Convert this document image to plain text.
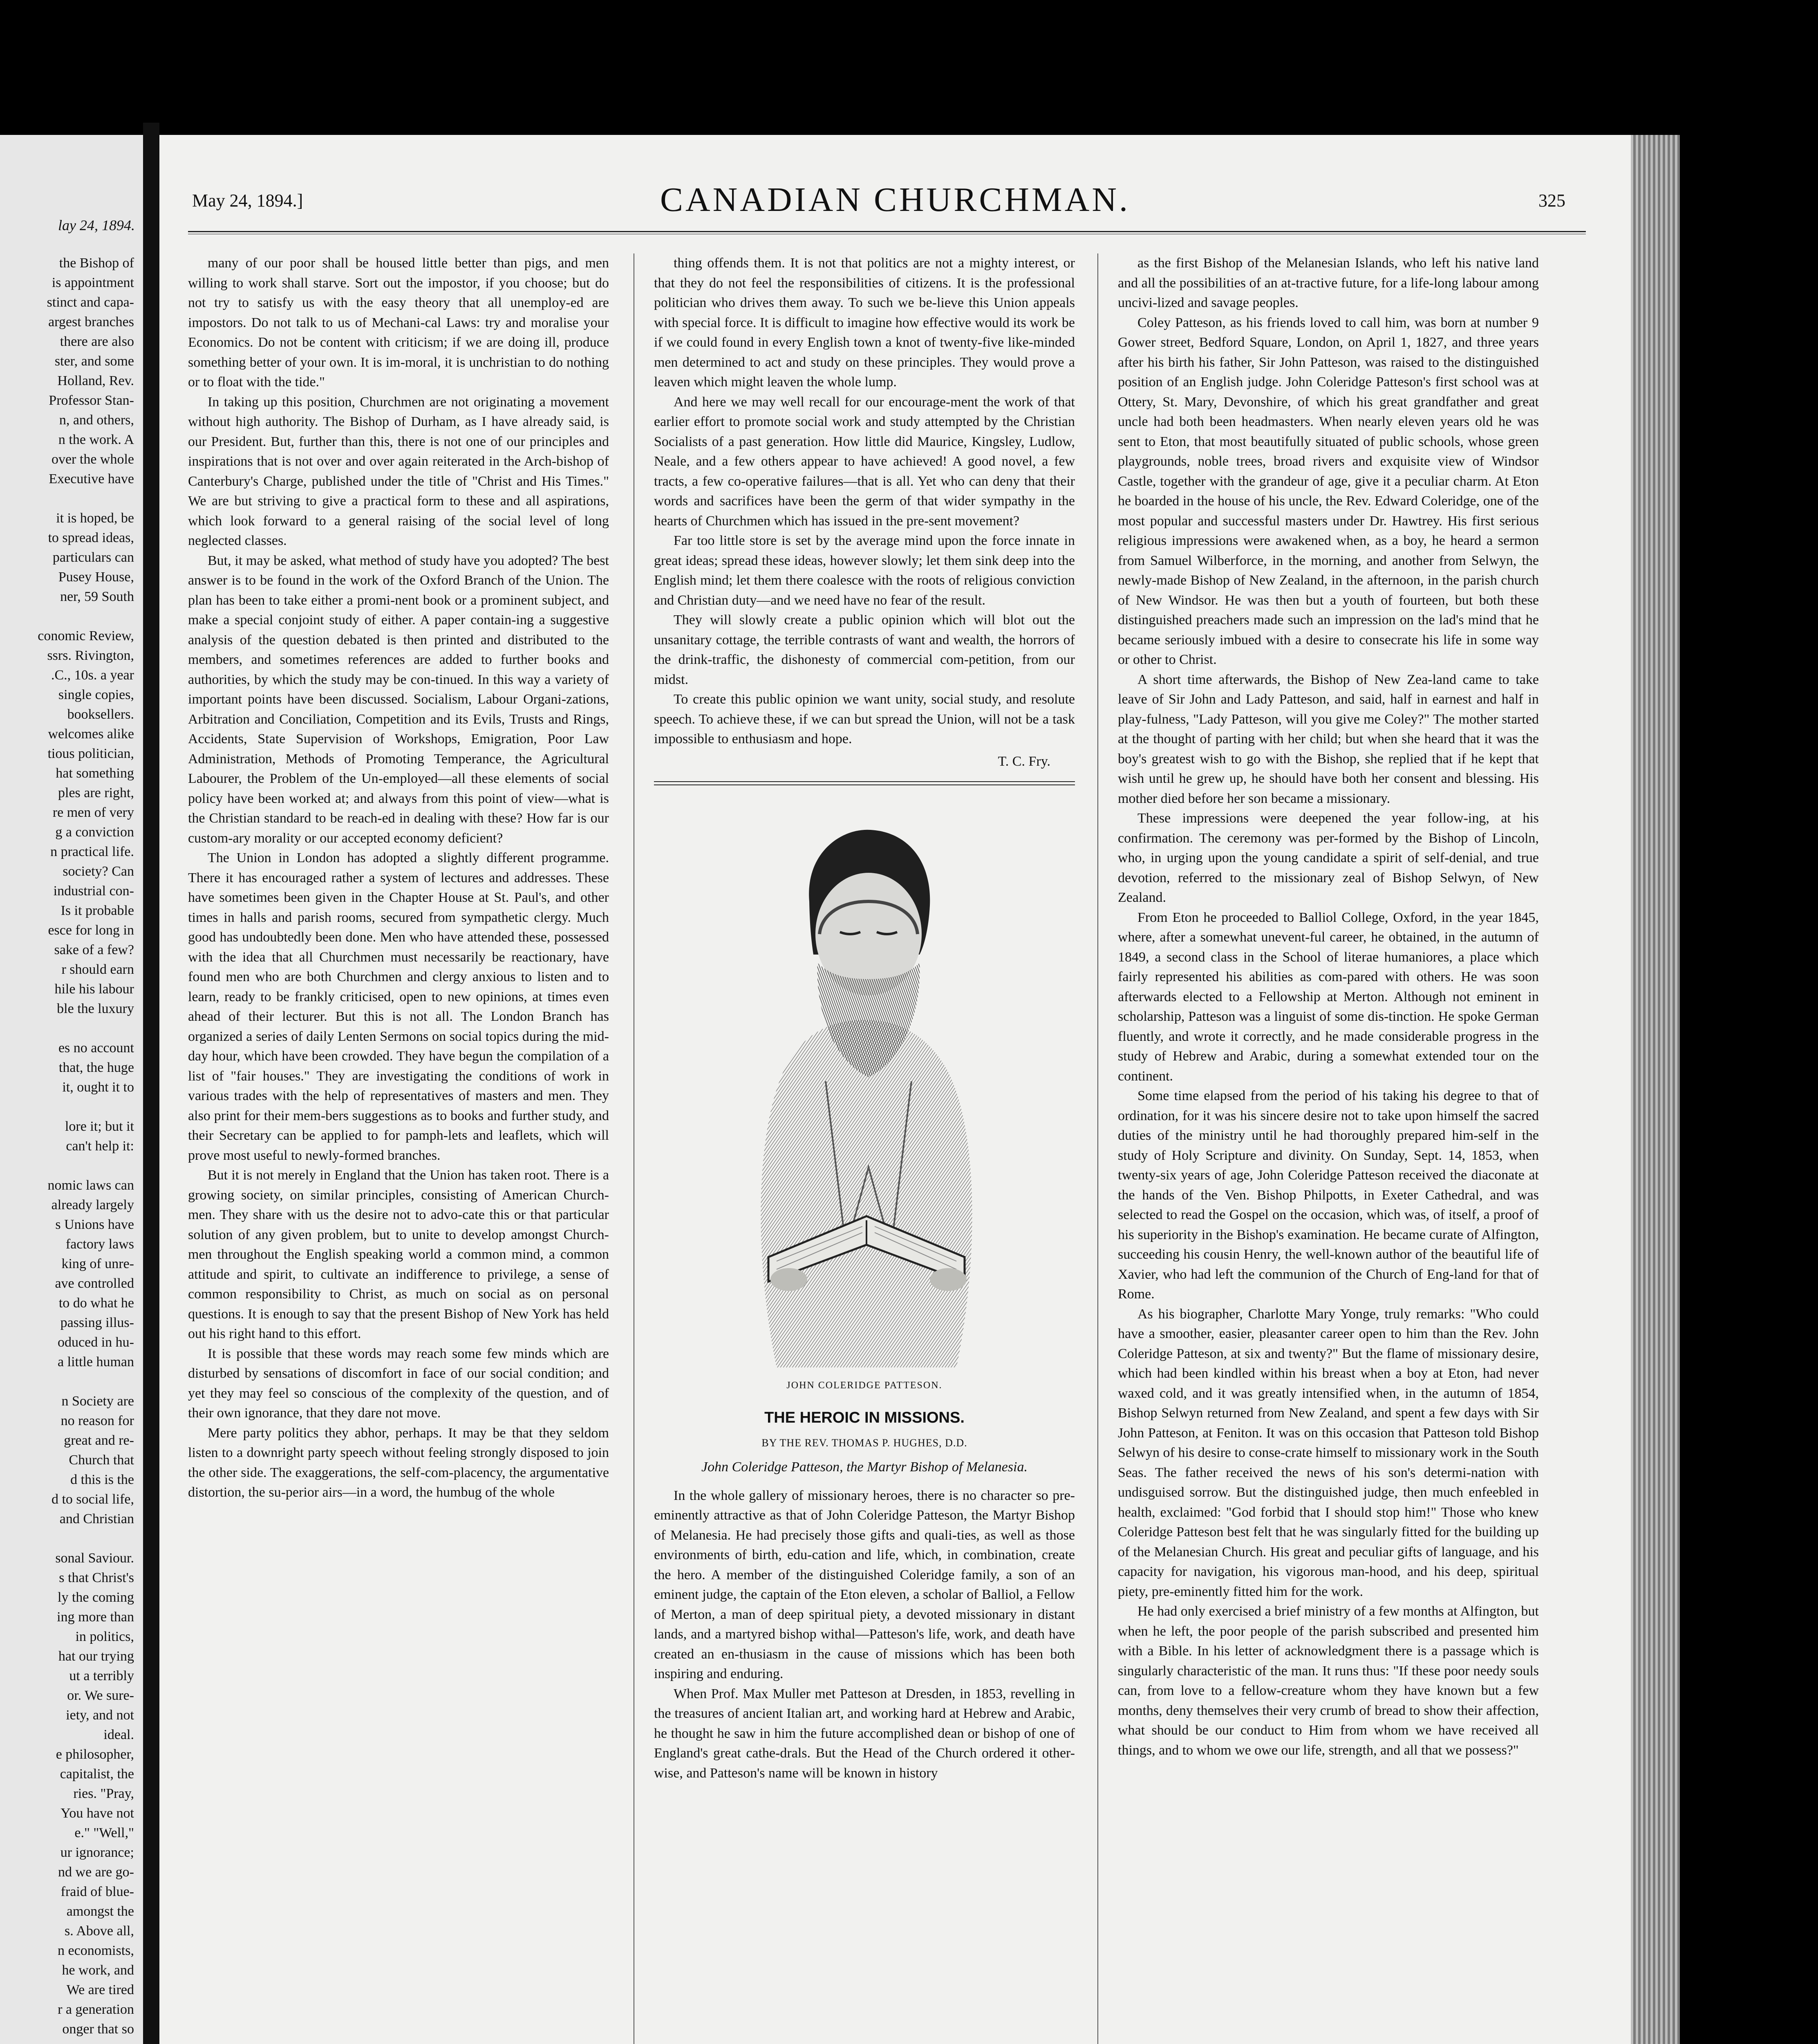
lay 24, 1894.
the Bishop of
is appointment
stinct and capa-
argest branches
there are also
ster, and some
Holland, Rev.
Professor Stan-
n, and others,
n the work. A
over the whole
Executive have

it is hoped, be
to spread ideas,
particulars can
Pusey House,
ner, 59 South

conomic Review,
ssrs. Rivington,
.C., 10s. a year
single copies,
booksellers.
welcomes alike
tious politician,
hat something
ples are right,
re men of very
g a conviction
n practical life.
society? Can
industrial con-
Is it probable
esce for long in
sake of a few?
r should earn
hile his labour
ble the luxury

es no account
that, the huge
it, ought it to

lore it; but it
can't help it:

nomic laws can
already largely
s Unions have
factory laws
king of unre-
ave controlled
to do what he
passing illus-
oduced in hu-
a little human

n Society are
no reason for
great and re-
Church that
d this is the
d to social life,
and Christian

sonal Saviour.
s that Christ's
ly the coming
ing more than
in politics,
hat our trying
ut a terribly
or. We sure-
iety, and not
ideal.
e philosopher,
capitalist, the
ries. "Pray,
You have not
e." "Well,"
ur ignorance;
nd we are go-
fraid of blue-
amongst the
s. Above all,
n economists,
he work, and
We are tired
r a generation
onger that so
May 24, 1894.]	CANADIAN CHURCHMAN.	325

many of our poor shall be housed little better than pigs, and men willing to work shall starve. Sort out the impostor, if you choose; but do not try to satisfy us with the easy theory that all unemploy-ed are impostors. Do not talk to us of Mechani-cal Laws: try and moralise your Economics. Do not be content with criticism; if we are doing ill, produce something better of your own. It is im-moral, it is unchristian to do nothing or to float with the tide."

In taking up this position, Churchmen are not originating a movement without high authority. The Bishop of Durham, as I have already said, is our President. But, further than this, there is not one of our principles and inspirations that is not over and over again reiterated in the Arch-bishop of Canterbury's Charge, published under the title of "Christ and His Times." We are but striving to give a practical form to these and all aspirations, which look forward to a general raising of the social level of long neglected classes.

But, it may be asked, what method of study have you adopted? The best answer is to be found in the work of the Oxford Branch of the Union. The plan has been to take either a promi-nent book or a prominent subject, and make a special conjoint study of either. A paper contain-ing a suggestive analysis of the question debated is then printed and distributed to the members, and sometimes references are added to further books and authorities, by which the study may be con-tinued. In this way a variety of important points have been discussed. Socialism, Labour Organi-zations, Arbitration and Conciliation, Competition and its Evils, Trusts and Rings, Accidents, State Supervision of Workshops, Emigration, Poor Law Administration, Methods of Promoting Temperance, the Agricultural Labourer, the Problem of the Un-employed—all these elements of social policy have been worked at; and always from this point of view—what is the Christian standard to be reach-ed in dealing with these? How far is our custom-ary morality or our accepted economy deficient?

The Union in London has adopted a slightly different programme. There it has encouraged rather a system of lectures and addresses. These have sometimes been given in the Chapter House at St. Paul's, and other times in halls and parish rooms, secured from sympathetic clergy. Much good has undoubtedly been done. Men who have attended these, possessed with the idea that all Churchmen must necessarily be reactionary, have found men who are both Churchmen and clergy anxious to listen and to learn, ready to be frankly criticised, open to new opinions, at times even ahead of their lecturer. But this is not all. The London Branch has organized a series of daily Lenten Sermons on social topics during the mid-day hour, which have been crowded. They have begun the compilation of a list of "fair houses." They are investigating the conditions of work in various trades with the help of representatives of masters and men. They also print for their mem-bers suggestions as to books and further study, and their Secretary can be applied to for pamph-lets and leaflets, which will prove most useful to newly-formed branches.

But it is not merely in England that the Union has taken root. There is a growing society, on similar principles, consisting of American Church-men. They share with us the desire not to advo-cate this or that particular solution of any given problem, but to unite to develop amongst Church-men throughout the English speaking world a common mind, a common attitude and spirit, to cultivate an indifference to privilege, a sense of common responsibility to Christ, as much on social as on personal questions. It is enough to say that the present Bishop of New York has held out his right hand to this effort.

It is possible that these words may reach some few minds which are disturbed by sensations of discomfort in face of our social condition; and yet they may feel so conscious of the complexity of the question, and of their own ignorance, that they dare not move.

Mere party politics they abhor, perhaps. It may be that they seldom listen to a downright party speech without feeling strongly disposed to join the other side. The exaggerations, the self-com-placency, the argumentative distortion, the su-perior airs—in a word, the humbug of the whole

thing offends them. It is not that politics are not a mighty interest, or that they do not feel the responsibilities of citizens. It is the professional politician who drives them away. To such we be-lieve this Union appeals with special force. It is difficult to imagine how effective would its work be if we could found in every English town a knot of twenty-five like-minded men determined to act and study on these principles. They would prove a leaven which might leaven the whole lump.

And here we may well recall for our encourage-ment the work of that earlier effort to promote social work and study attempted by the Christian Socialists of a past generation. How little did Maurice, Kingsley, Ludlow, Neale, and a few others appear to have achieved! A good novel, a few tracts, a few co-operative failures—that is all. Yet who can deny that their words and sacrifices have been the germ of that wider sympathy in the hearts of Churchmen which has issued in the pre-sent movement?

Far too little store is set by the average mind upon the force innate in great ideas; spread these ideas, however slowly; let them sink deep into the English mind; let them there coalesce with the roots of religious conviction and Christian duty—and we need have no fear of the result.

They will slowly create a public opinion which will blot out the unsanitary cottage, the terrible contrasts of want and wealth, the horrors of the drink-traffic, the dishonesty of commercial com-petition, from our midst.

To create this public opinion we want unity, social study, and resolute speech. To achieve these, if we can but spread the Union, will not be a task impossible to enthusiasm and hope.

T. C. Fry.
JOHN COLERIDGE PATTESON.
THE HEROIC IN MISSIONS.
BY THE REV. THOMAS P. HUGHES, D.D.
John Coleridge Patteson, the Martyr Bishop of Melanesia.

In the whole gallery of missionary heroes, there is no character so pre-eminently attractive as that of John Coleridge Patteson, the Martyr Bishop of Melanesia. He had precisely those gifts and quali-ties, as well as those environments of birth, edu-cation and life, which, in combination, create the hero. A member of the distinguished Coleridge family, a son of an eminent judge, the captain of the Eton eleven, a scholar of Balliol, a Fellow of Merton, a man of deep spiritual piety, a devoted missionary in distant lands, and a martyred bishop withal—Patteson's life, work, and death have created an en-thusiasm in the cause of missions which has been both inspiring and enduring.

When Prof. Max Muller met Patteson at Dresden, in 1853, revelling in the treasures of ancient Italian art, and working hard at Hebrew and Arabic, he thought he saw in him the future accomplished dean or bishop of one of England's great cathe-drals. But the Head of the Church ordered it other-wise, and Patteson's name will be known in history

as the first Bishop of the Melanesian Islands, who left his native land and all the possibilities of an at-tractive future, for a life-long labour among uncivi-lized and savage peoples.

Coley Patteson, as his friends loved to call him, was born at number 9 Gower street, Bedford Square, London, on April 1, 1827, and three years after his birth his father, Sir John Patteson, was raised to the distinguished position of an English judge. John Coleridge Patteson's first school was at Ottery, St. Mary, Devonshire, of which his great grandfather and great uncle had both been headmasters. When nearly eleven years old he was sent to Eton, that most beautifully situated of public schools, whose green playgrounds, noble trees, broad rivers and exquisite view of Windsor Castle, together with the grandeur of age, give it a peculiar charm. At Eton he boarded in the house of his uncle, the Rev. Edward Coleridge, one of the most popular and successful masters under Dr. Hawtrey. His first serious religious impressions were awakened when, as a boy, he heard a sermon from Samuel Wilberforce, in the morning, and another from Selwyn, the newly-made Bishop of New Zealand, in the afternoon, in the parish church of New Windsor. He was then but a youth of fourteen, but both these distinguished preachers made such an impression on the lad's mind that he became seriously imbued with a desire to consecrate his life in some way or other to Christ.

A short time afterwards, the Bishop of New Zea-land came to take leave of Sir John and Lady Patteson, and said, half in earnest and half in play-fulness, "Lady Patteson, will you give me Coley?" The mother started at the thought of parting with her child; but when she heard that it was the boy's greatest wish to go with the Bishop, she replied that if he kept that wish until he grew up, he should have both her consent and blessing. His mother died before her son became a missionary.

These impressions were deepened the year follow-ing, at his confirmation. The ceremony was per-formed by the Bishop of Lincoln, who, in urging upon the young candidate a spirit of self-denial, and true devotion, referred to the missionary zeal of Bishop Selwyn, of New Zealand.

From Eton he proceeded to Balliol College, Oxford, in the year 1845, where, after a somewhat unevent-ful career, he obtained, in the autumn of 1849, a second class in the School of literae humaniores, a place which fairly represented his abilities as com-pared with others. He was soon afterwards elected to a Fellowship at Merton. Although not eminent in scholarship, Patteson was a linguist of some dis-tinction. He spoke German fluently, and wrote it correctly, and he made considerable progress in the study of Hebrew and Arabic, during a somewhat extended tour on the continent.

Some time elapsed from the period of his taking his degree to that of ordination, for it was his sincere desire not to take upon himself the sacred duties of the ministry until he had thoroughly prepared him-self in the study of Holy Scripture and divinity. On Sunday, Sept. 14, 1853, when twenty-six years of age, John Coleridge Patteson received the diaconate at the hands of the Ven. Bishop Philpotts, in Exeter Cathedral, and was selected to read the Gospel on the occasion, which was, of itself, a proof of his superiority in the Bishop's examination. He became curate of Alfington, succeeding his cousin Henry, the well-known author of the beautiful life of Xavier, who had left the communion of the Church of Eng-land for that of Rome.

As his biographer, Charlotte Mary Yonge, truly remarks: "Who could have a smoother, easier, pleasanter career open to him than the Rev. John Coleridge Patteson, at six and twenty?" But the flame of missionary desire, which had been kindled within his breast when a boy at Eton, had never waxed cold, and it was greatly intensified when, in the autumn of 1854, Bishop Selwyn returned from New Zealand, and spent a few days with Sir John Patteson, at Feniton. It was on this occasion that Patteson told Bishop Selwyn of his desire to conse-crate himself to missionary work in the South Seas. The father received the news of his son's determi-nation with undisguised sorrow. But the distinguished judge, then much enfeebled in health, exclaimed: "God forbid that I should stop him!" Those who knew Coleridge Patteson best felt that he was singularly fitted for the building up of the Melanesian Church. His great and peculiar gifts of language, and his capacity for navigation, his vigorous man-hood, and his deep, spiritual piety, pre-eminently fitted him for the work.

He had only exercised a brief ministry of a few months at Alfington, but when he left, the poor people of the parish subscribed and presented him with a Bible. In his letter of acknowledgment there is a passage which is singularly characteristic of the man. It runs thus: "If these poor needy souls can, from love to a fellow-creature whom they have known but a few months, deny themselves their very crumb of bread to show their affection, what should be our conduct to Him from whom we have received all things, and to whom we owe our life, strength, and all that we possess?"
